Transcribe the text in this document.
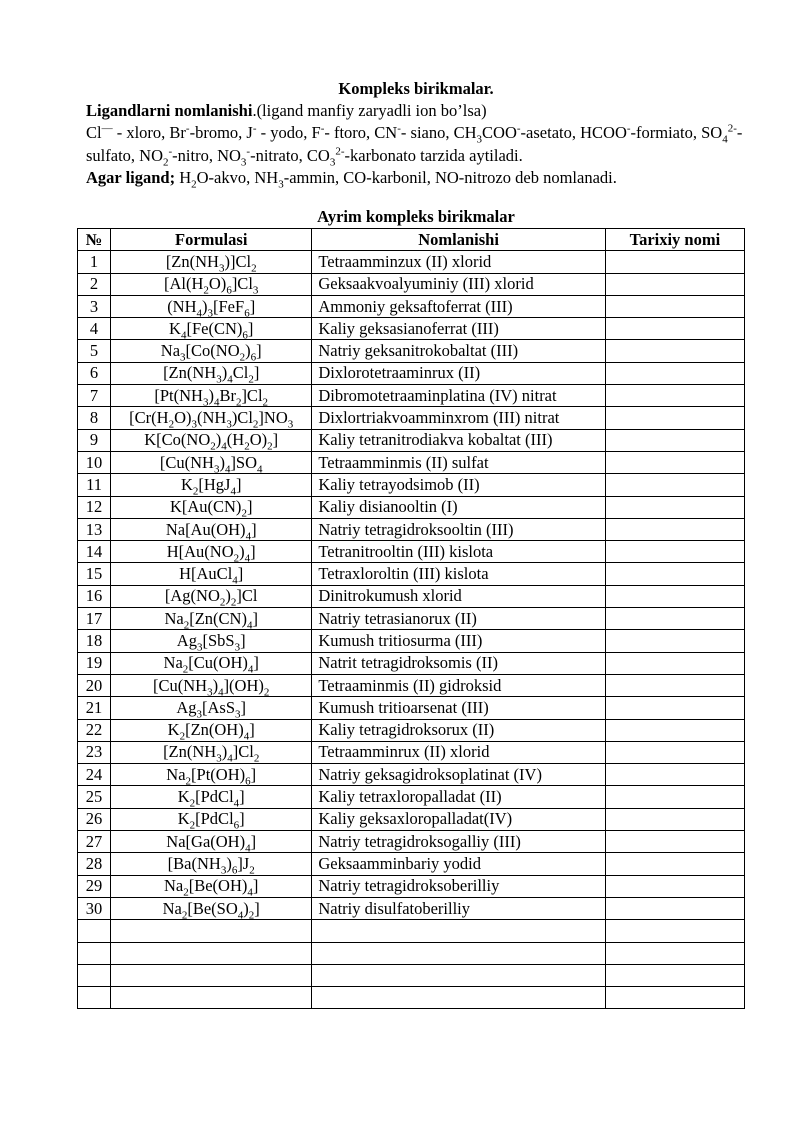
Kompleks birikmalar.

Ligandlarni nomlanishi.(ligand manfiy zaryadli ion bo’lsa)

Cl— - xloro, Br--bromo, J- - yodo, F-- ftoro, CN-- siano, $CH_3COO^-$-asetato, HCOO--formiato, $SO_4^{2-}$-sulfato, $NO_2^-$-nitro, $NO_3^-$-nitrato, $CO_3^{2-}$-karbonato tarzida aytiladi.

Agar ligand; $H_2O$-akvo, $NH_3$-ammin, CO-karbonil, NO-nitrozo deb nomlanadi.

Ayrim kompleks birikmalar

№	Formulasi	Nomlanishi	Tarixiy nomi
1	$[Zn(NH_3)]Cl_2$	Tetraamminzux (II) xlorid	
2	$[Al(H_2O)_6]Cl_3$	Geksaakvoalyuminiy (III) xlorid	
3	$(NH_4)_3[FeF_6]$	Ammoniy geksaftoferrat (III)	
4	$K_4[Fe(CN)_6]$	Kaliy geksasianoferrat (III)	
5	$Na_3[Co(NO_2)_6]$	Natriy geksanitrokobaltat (III)	
6	$[Zn(NH_3)_4Cl_2]$	Dixlorotetraaminrux (II)	
7	$[Pt(NH_3)_4Br_2]Cl_2$	Dibromotetraaminplatina (IV) nitrat	
8	$[Cr(H_2O)_3(NH_3)Cl_2]NO_3$	Dixlortriakvoamminxrom (III) nitrat	
9	$K[Co(NO_2)_4(H_2O)_2]$	Kaliy tetranitrodiakva kobaltat (III)	
10	$[Cu(NH_3)_4]SO_4$	Tetraamminmis (II) sulfat	
11	$K_2[HgJ_4]$	Kaliy tetrayodsimob (II)	
12	$K[Au(CN)_2]$	Kaliy disianooltin (I)	
13	$Na[Au(OH)_4]$	Natriy tetragidroksooltin (III)	
14	$H[Au(NO_2)_4]$	Tetranitrooltin (III) kislota	
15	H[AuCl$_4$]	Tetraxloroltin (III) kislota	
16	$[Ag(NO_2)_2]Cl$	Dinitrokumush xlorid	
17	$Na_2[Zn(CN)_4]$	Natriy tetrasianorux (II)	
18	$Ag_3[SbS_3]$	Kumush tritiosurma (III)	
19	$Na_2[Cu(OH)_4]$	Natrit tetragidroksomis (II)	
20	$[Cu(NH_3)_4](OH)_2$	Tetraaminmis (II) gidroksid	
21	$Ag_3[AsS_3]$	Kumush tritioarsenat (III)	
22	$K_2[Zn(OH)_4]$	Kaliy tetragidroksorux (II)	
23	$[Zn(NH_3)_4]Cl_2$	Tetraamminrux (II) xlorid	
24	$Na_2[Pt(OH)_6]$	Natriy geksagidroksoplatinat (IV)	
25	$K_2[PdCl_4]$	Kaliy tetraxloropalladat (II)	
26	$K_2[PdCl_6]$	Kaliy geksaxloropalladat(IV)	
27	$Na[Ga(OH)_4]$	Natriy tetragidroksogalliy (III)	
28	$[Ba(NH_3)_6]J_2$	Geksaamminbariy yodid	
29	$Na_2[Be(OH)_4]$	Natriy tetragidroksoberilliy	
30	$Na_2[Be(SO_4)_2]$	Natriy disulfatoberilliy	
